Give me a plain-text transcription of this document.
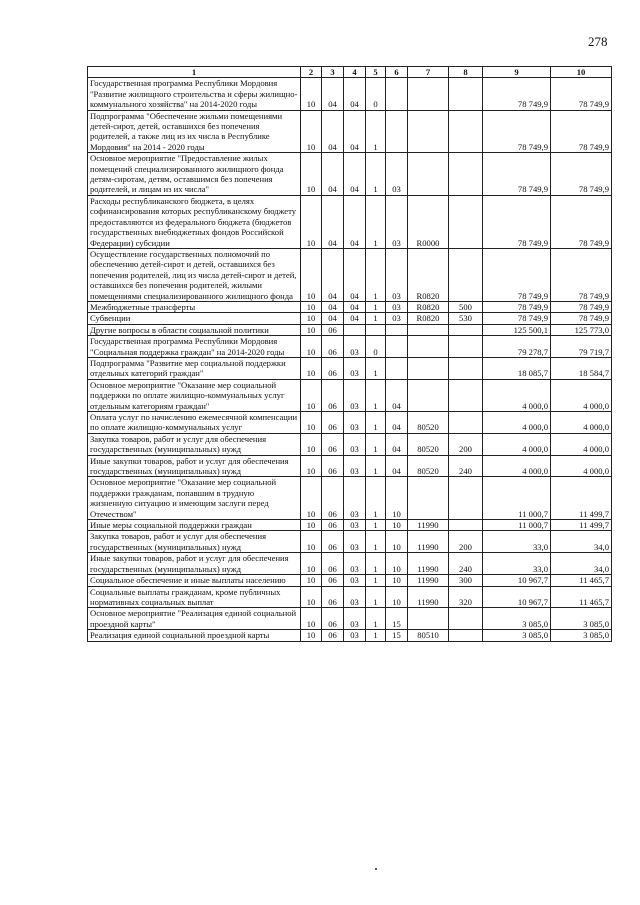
278
1	2	3	4	5	6	7	8	9	10
Государственная программа Республики Мордовия "Развитие жилищного строительства и сферы жилищно-коммунального хозяйства" на 2014-2020 годы	10	04	04	0				78 749,9	78 749,9
Подпрограмма "Обеспечение жильми помещениями детей-сирот, детей, оставшихся без попечения родителей, а также лиц из их числа в Республике Мордовия" на 2014 - 2020 годы	10	04	04	1				78 749,9	78 749,9
Основное мероприятие "Предоставление жилых помещений специализированного жилищного фонда детям-сиротам, детям, оставшимся без попечения родителей, и лицам из их числа"	10	04	04	1	03			78 749,9	78 749,9
Расходы республиканского бюджета, в целях софинансирования которых республиканскому бюджету предоставляются из федерального бюджета (бюджетов государственных внебюджетных фондов Российской Федерации) субсидии	10	04	04	1	03	R0000		78 749,9	78 749,9
Осуществление государственных полномочий по обеспечению детей-сирот и детей, оставшихся без попечения родителей, лиц из числа детей-сирот и детей, оставшихся без попечения родителей, жилыми помещениями специализированного жилищного фонда	10	04	04	1	03	R0820		78 749,9	78 749,9
Межбюджетные трансферты	10	04	04	1	03	R0820	500	78 749,9	78 749,9
Субвенции	10	04	04	1	03	R0820	530	78 749,9	78 749,9
Другие вопросы в области социальной политики	10	06						125 500,1	125 773,0
Государственная программа Республики Мордовия "Социальная поддержка граждан" на 2014-2020 годы	10	06	03	0				79 278,7	79 719,7
Подпрограмма "Развитие мер социальной поддержки отдельных категорий граждан"	10	06	03	1				18 085,7	18 584,7
Основное мероприятие "Оказание мер социальной поддержки по оплате жилищно-коммунальных услуг отдельным категориям граждан"	10	06	03	1	04			4 000,0	4 000,0
Оплата услуг по начислению ежемесячной компенсации по оплате жилищно-коммунальных услуг	10	06	03	1	04	80520		4 000,0	4 000,0
Закупка товаров, работ и услуг для обеспечения государственных (муниципальных) нужд	10	06	03	1	04	80520	200	4 000,0	4 000,0
Иные закупки товаров, работ и услуг для обеспечения государственных (муниципальных) нужд	10	06	03	1	04	80520	240	4 000,0	4 000,0
Основное мероприятие "Оказание мер социальной поддержки гражданам, попавшим в трудную жизненную ситуацию и имеющим заслуги перед Отечеством"	10	06	03	1	10			11 000,7	11 499,7
Иные меры социальной поддержки граждан	10	06	03	1	10	11990		11 000,7	11 499,7
Закупка товаров, работ и услуг для обеспечения государственных (муниципальных) нужд	10	06	03	1	10	11990	200	33,0	34,0
Иные закупки товаров, работ и услуг для обеспечения государственных (муниципальных) нужд	10	06	03	1	10	11990	240	33,0	34,0
Социальное обеспечение и иные выплаты населению	10	06	03	1	10	11990	300	10 967,7	11 465,7
Социальные выплаты гражданам, кроме публичных нормативных социальных выплат	10	06	03	1	10	11990	320	10 967,7	11 465,7
Основное мероприятие "Реализация единой социальной проездной карты"	10	06	03	1	15			3 085,0	3 085,0
Реализация единой социальной проездной карты	10	06	03	1	15	80510		3 085,0	3 085,0
